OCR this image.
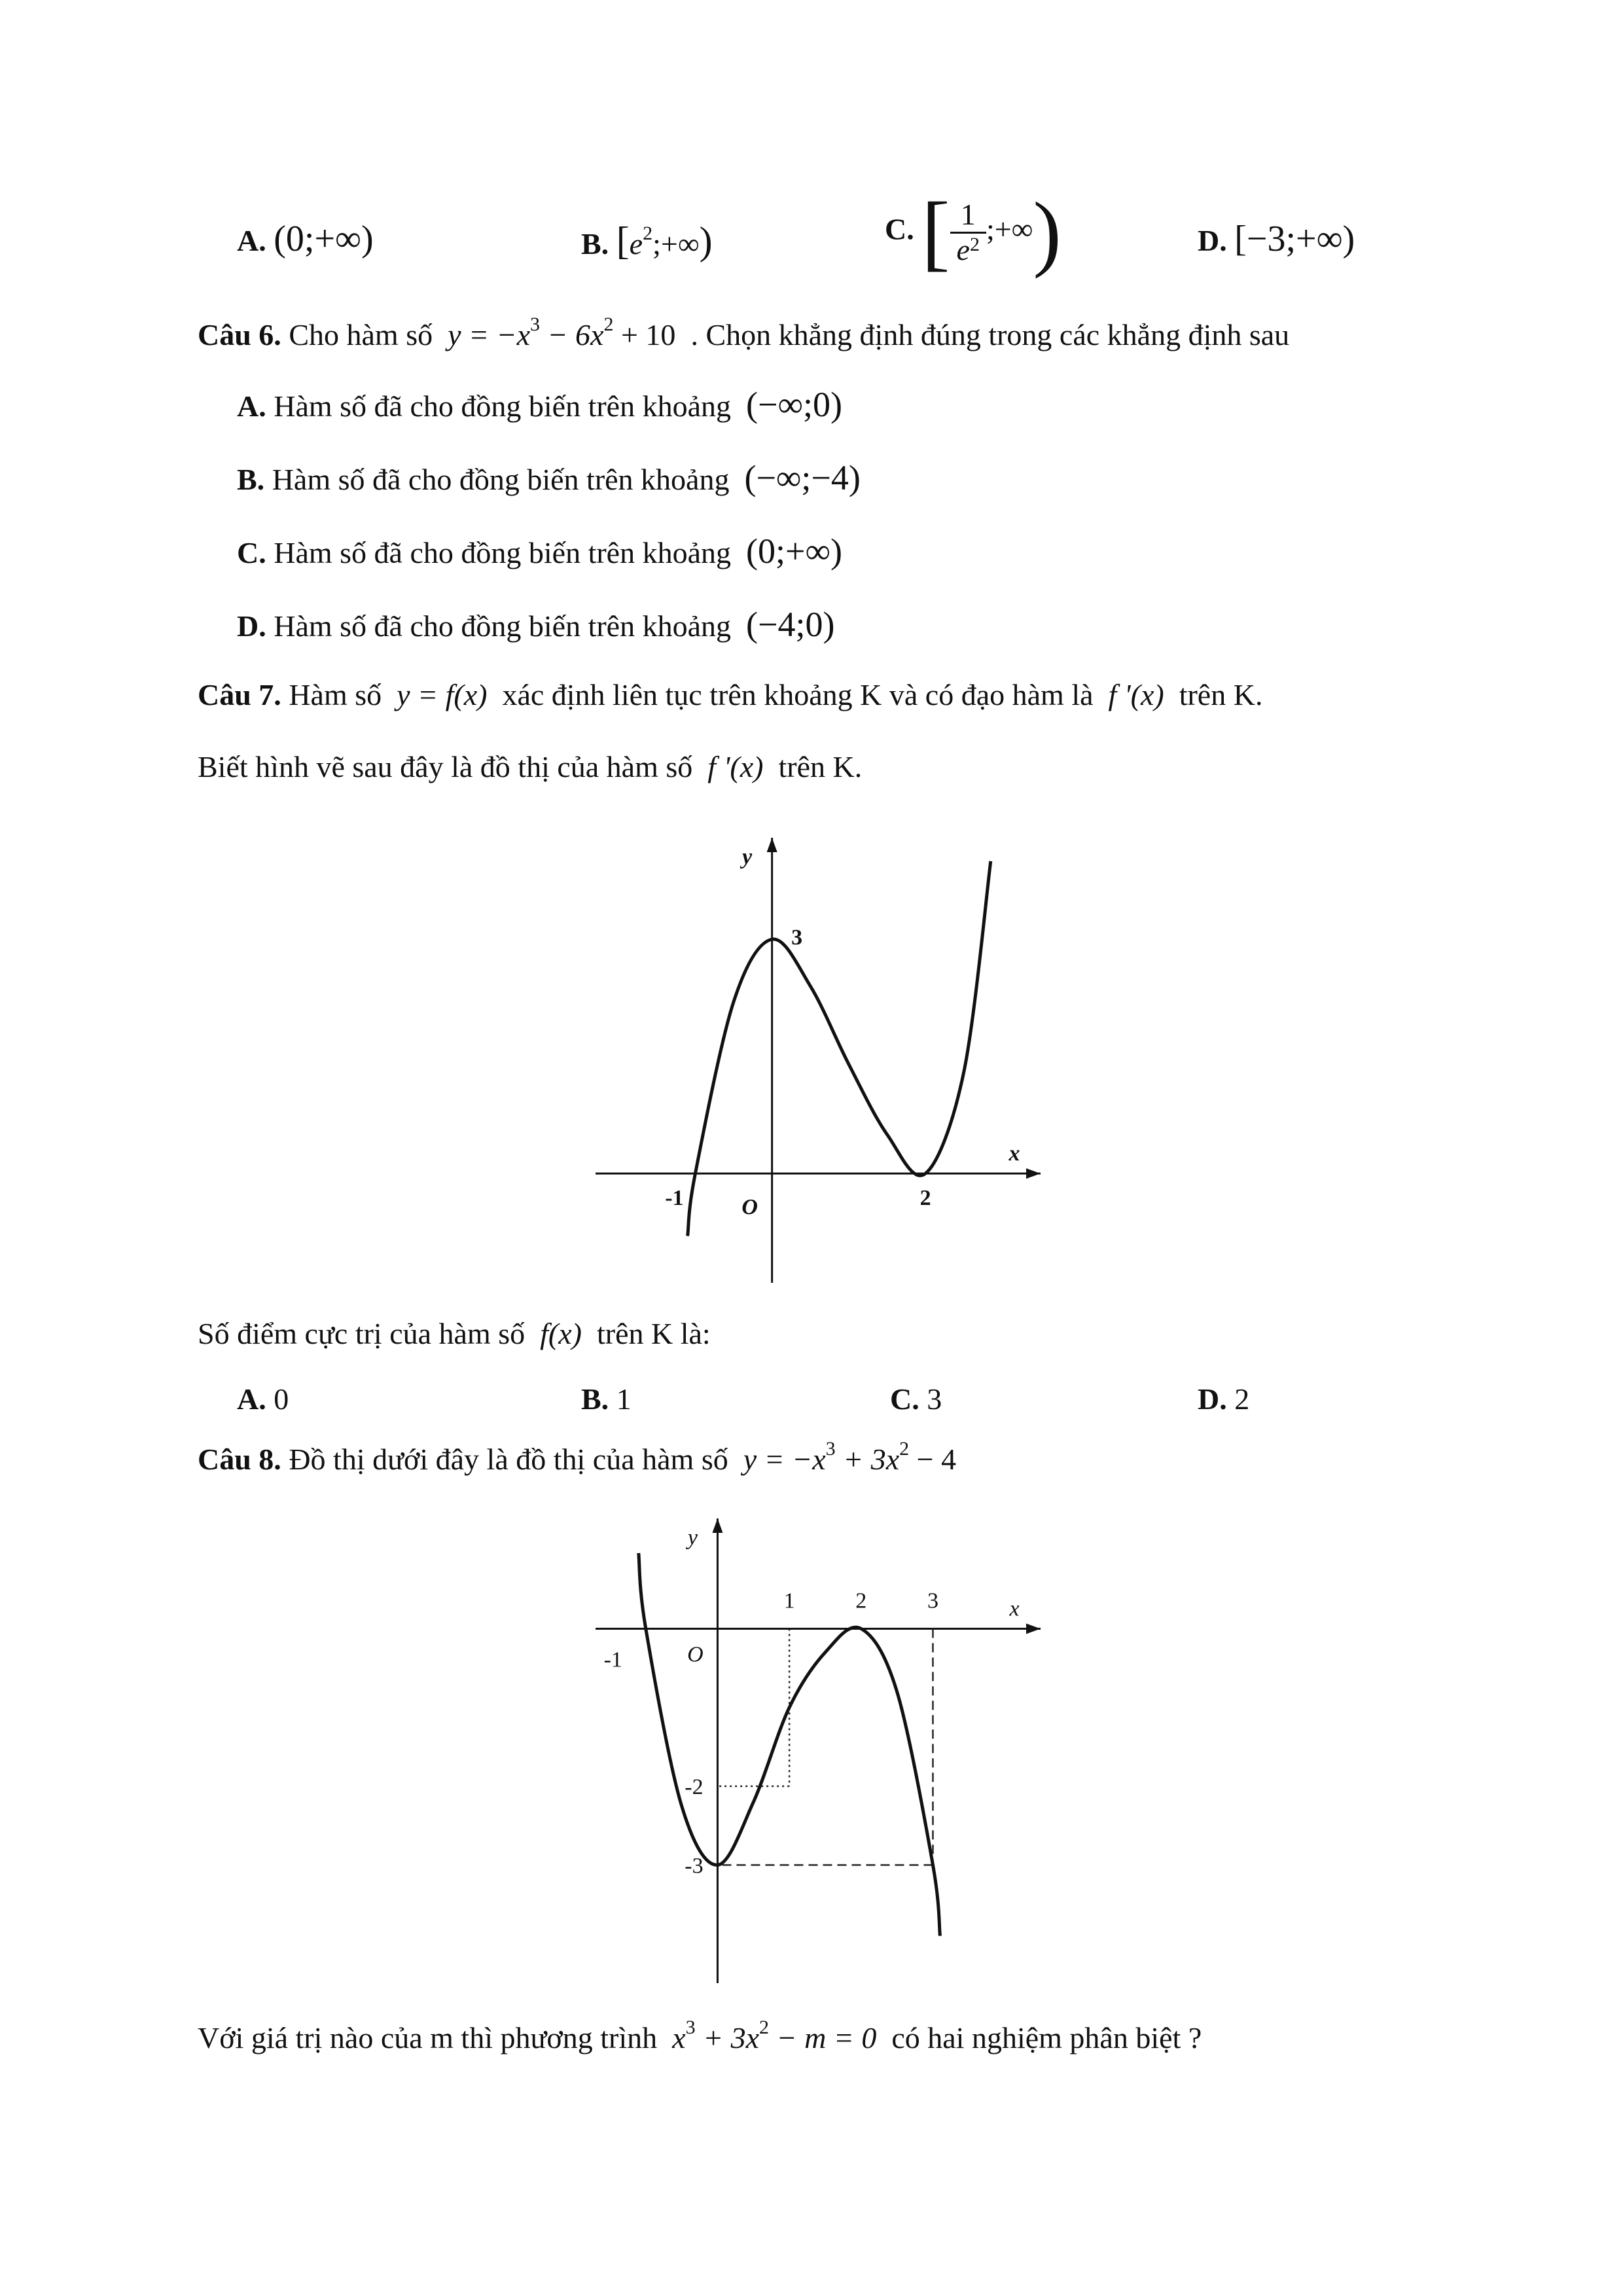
A. (0;+∞)	B. $[e^2;+\infty)$	C. [ $\frac{1}{e^2}$ ;+∞)	D. [−3;+∞)
Câu 6. Cho hàm số $y = -x^3 - 6x^2 + 10$ . Chọn khẳng định đúng trong các khẳng định sau
A. Hàm số đã cho đồng biến trên khoảng (−∞;0)
B. Hàm số đã cho đồng biến trên khoảng (−∞;−4)
C. Hàm số đã cho đồng biến trên khoảng (0;+∞)
D. Hàm số đã cho đồng biến trên khoảng (−4;0)
Câu 7. Hàm số y = f(x) xác định liên tục trên khoảng K và có đạo hàm là f '(x) trên K.
Biết hình vẽ sau đây là đồ thị của hàm số f '(x) trên K.
x
y
O
-1	2
3
Số điểm cực trị của hàm số f(x) trên K là:
A. 0	B. 1	C. 3	D. 2
Câu 8. Đồ thị dưới đây là đồ thị của hàm số $y = -x^3 + 3x^2 - 4$
x
y
O
-1
1	2	3
-2
-3
Với giá trị nào của m thì phương trình $x^3 + 3x^2 - m = 0$ có hai nghiệm phân biệt ?
